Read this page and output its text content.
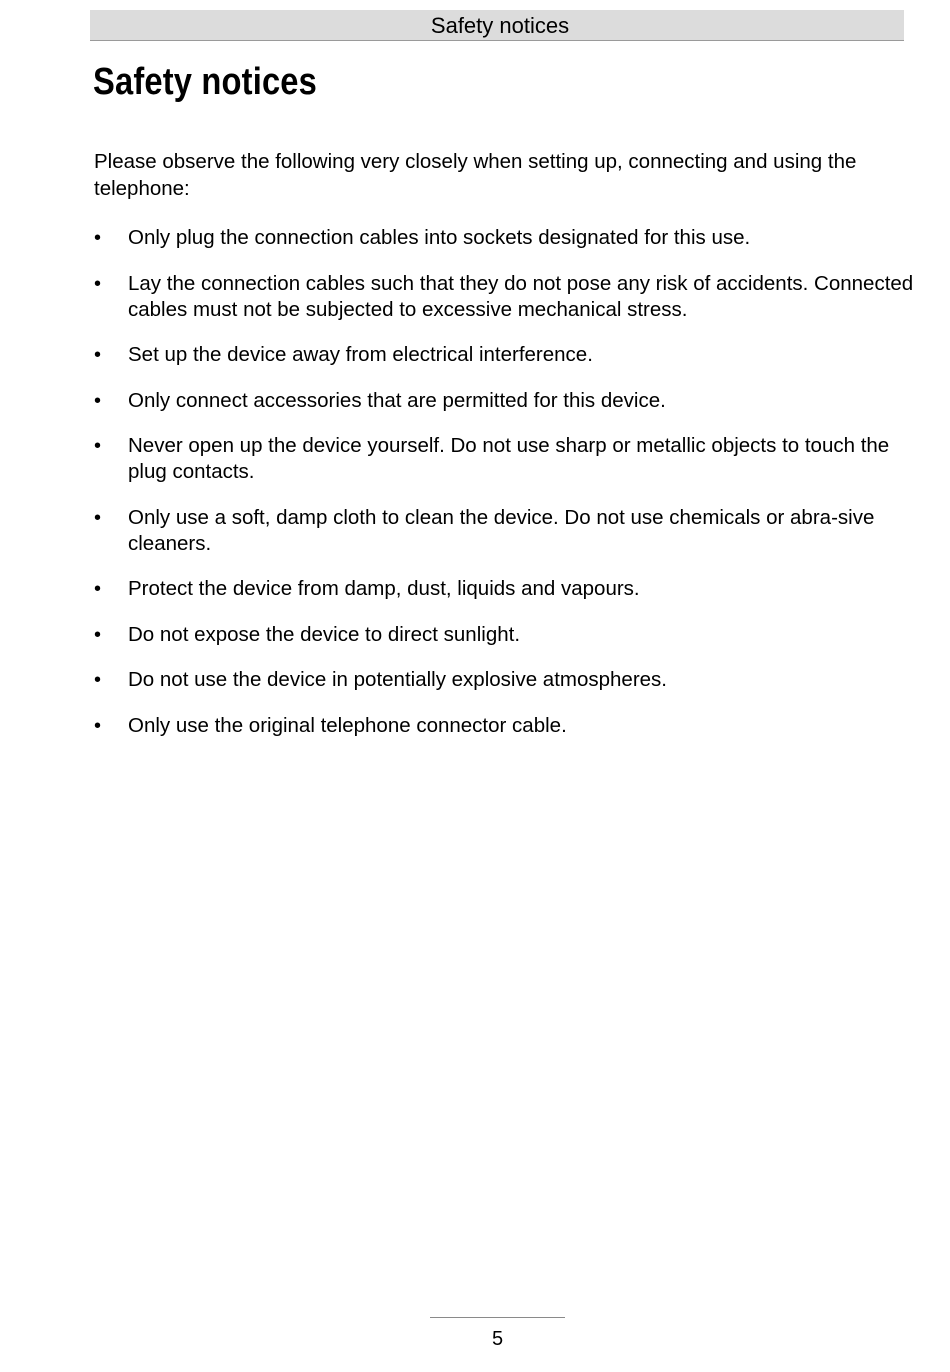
Safety notices
Safety notices

Please observe the following very closely when setting up, connecting and using the telephone:

• Only plug the connection cables into sockets designated for this use.
• Lay the connection cables such that they do not pose any risk of accidents. Connected cables must not be subjected to excessive mechanical stress.
• Set up the device away from electrical interference.
• Only connect accessories that are permitted for this device.
• Never open up the device yourself. Do not use sharp or metallic objects to touch the plug contacts.
• Only use a soft, damp cloth to clean the device. Do not use chemicals or abra-sive cleaners.
• Protect the device from damp, dust, liquids and vapours.
• Do not expose the device to direct sunlight.
• Do not use the device in potentially explosive atmospheres.
• Only use the original telephone connector cable.
5
